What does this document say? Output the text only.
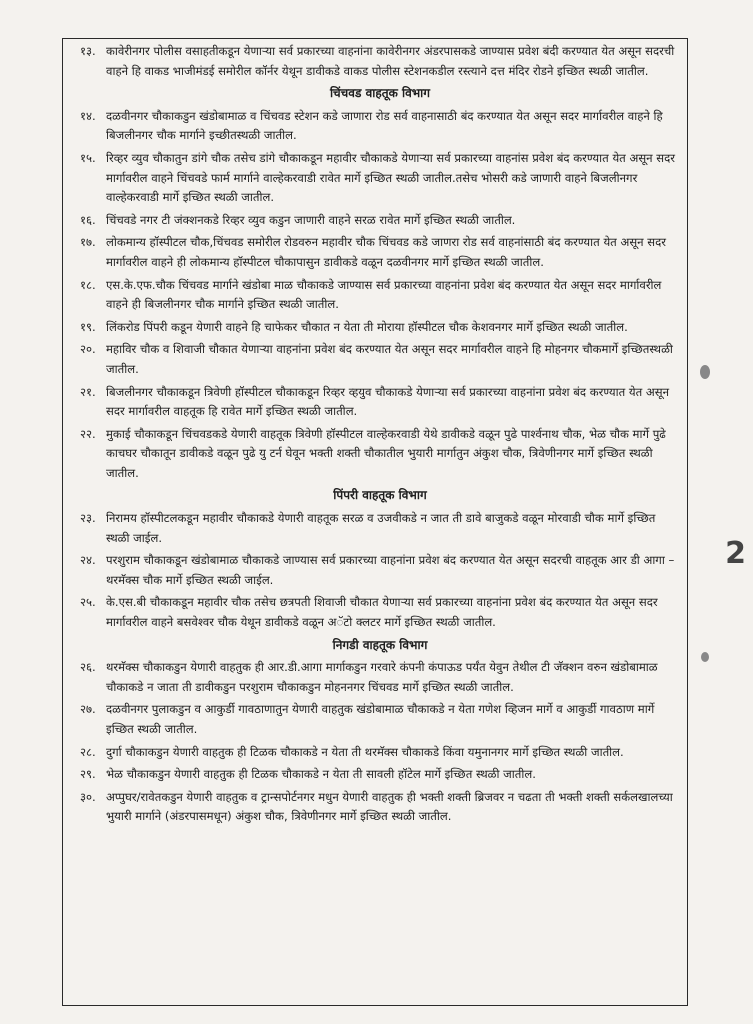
१३. कावेरीनगर पोलीस वसाहतीकडून येणाऱ्या सर्व प्रकारच्या वाहनांना कावेरीनगर अंडरपासकडे जाण्यास प्रवेश बंदी करण्यात येत असून सदरची वाहने हि वाकड भाजीमंडई समोरील कॉर्नर येथून डावीकडे वाकड पोलीस स्टेशनकडील रस्त्याने दत्त मंदिर रोडने इच्छित स्थळी जातील.
चिंचवड वाहतूक विभाग
१४. दळवीनगर चौकाकडुन खंडोबामाळ व चिंचवड स्टेशन कडे जाणारा रोड सर्व वाहनासाठी बंद करण्यात येत असून सदर मार्गावरील वाहने हि बिजलीनगर चौक मार्गाने इच्छीतस्थळी जातील.
१५. रिव्हर व्युव चौकातुन डांगे चौक तसेच डांगे चौकाकडून महावीर चौकाकडे येणाऱ्या सर्व प्रकारच्या वाहनांस प्रवेश बंद करण्यात येत असून सदर मार्गावरील वाहने चिंचवडे फार्म मार्गाने वाल्हेकरवाडी रावेत मार्गे इच्छित स्थळी जातील.तसेच भोसरी कडे जाणारी वाहने बिजलीनगर वाल्हेकरवाडी मार्गे इच्छित स्थळी जातील.
१६. चिंचवडे नगर टी जंक्शनकडे रिव्हर व्युव कडुन जाणारी वाहने सरळ रावेत मार्गे इच्छित स्थळी जातील.
१७. लोकमान्य हॉस्पीटल चौक,चिंचवड समोरील रोडवरुन महावीर चौक चिंचवड कडे जाणरा रोड सर्व वाहनांसाठी बंद करण्यात येत असून सदर मार्गावरील वाहने ही लोकमान्य हॉस्पीटल चौकापासुन डावीकडे वळून दळवीनगर मार्गे इच्छित स्थळी जातील.
१८. एस.के.एफ.चौक चिंचवड मार्गाने खंडोबा माळ चौकाकडे जाण्यास सर्व प्रकारच्या वाहनांना प्रवेश बंद करण्यात येत असून सदर मार्गावरील वाहने ही बिजलीनगर चौक मार्गाने इच्छित स्थळी जातील.
१९. लिंकरोड पिंपरी कडून येणारी वाहने हि चाफेकर चौकात न येता ती मोराया हॉस्पीटल चौक केशवनगर मार्गे इच्छित स्थळी जातील.
२०. महाविर चौक व शिवाजी चौकात येणाऱ्या वाहनांना प्रवेश बंद करण्यात येत असून सदर मार्गावरील वाहने हि मोहनगर चौकमार्गे इच्छितस्थळी जातील.
२१. बिजलीनगर चौकाकडून त्रिवेणी हॉस्पीटल चौकाकडून रिव्हर व्हयुव चौकाकडे येणाऱ्या सर्व प्रकारच्या वाहनांना प्रवेश बंद करण्यात येत असून सदर मार्गावरील वाहतूक हि रावेत मार्गे इच्छित स्थळी जातील.
२२. मुकाई चौकाकडून चिंचवडकडे येणारी वाहतूक त्रिवेणी हॉस्पीटल वाल्हेकरवाडी येथे डावीकडे वळून पुढे पार्श्वनाथ चौक, भेळ चौक मार्गे पुढे काचघर चौकातून डावीकडे वळून पुढे यु टर्न घेवून भक्ती शक्ती चौकातील भुयारी मार्गातुन अंकुश चौक, त्रिवेणीनगर मार्गे इच्छित स्थळी जातील.
पिंपरी वाहतूक विभाग
२३. निरामय हॉस्पीटलकडून महावीर चौकाकडे येणारी वाहतूक सरळ व उजवीकडे न जात ती डावे बाजुकडे वळून मोरवाडी चौक मार्गे इच्छित स्थळी जाईल.
२४. परशुराम चौकाकडून खंडोबामाळ चौकाकडे जाण्यास सर्व प्रकारच्या वाहनांना प्रवेश बंद करण्यात येत असून सदरची वाहतूक आर डी आगा – थरमॅक्स चौक मार्गे इच्छित स्थळी जाईल.
२५. के.एस.बी चौकाकडून महावीर चौक तसेच छत्रपती शिवाजी चौकात येणाऱ्या सर्व प्रकारच्या वाहनांना प्रवेश बंद करण्यात येत असून सदर मार्गावरील वाहने बसवेश्वर चौक येथून डावीकडे वळून अॅटो क्लटर मार्गे इच्छित स्थळी जातील.
निगडी वाहतूक विभाग
२६. थरमॅक्स चौकाकडुन येणारी वाहतुक ही आर.डी.आगा मार्गाकडुन गरवारे कंपनी कंपाऊड पर्यंत येवुन तेथील टी जॅक्शन वरुन खंडोबामाळ चौकाकडे न जाता ती डावीकडुन परशुराम चौकाकडुन मोहननगर चिंचवड मार्गे इच्छित स्थळी जातील.
२७. दळवीनगर पुलाकडुन व आकुर्डी गावठाणातुन येणारी वाहतुक खंडोबामाळ चौकाकडे न येता गणेश व्हिजन मार्गे व आकुर्डी गावठाण मार्गे इच्छित स्थळी जातील.
२८. दुर्गा चौकाकडुन येणारी वाहतुक ही टिळक चौकाकडे न येता ती थरमॅक्स चौकाकडे किंवा यमुनानगर मार्गे इच्छित स्थळी जातील.
२९. भेळ चौकाकडुन येणारी वाहतुक ही टिळक चौकाकडे न येता ती सावली हॉटेल मार्गे इच्छित स्थळी जातील.
३०. अप्पुघर/रावेतकडुन येणारी वाहतुक व ट्रान्सपोर्टनगर मधुन येणारी वाहतुक ही भक्ती शक्ती ब्रिजवर न चढता ती भक्ती शक्ती सर्कलखालच्या भुयारी मार्गाने (अंडरपासमधून) अंकुश चौक, त्रिवेणीनगर मार्गे इच्छित स्थळी जातील.
2
